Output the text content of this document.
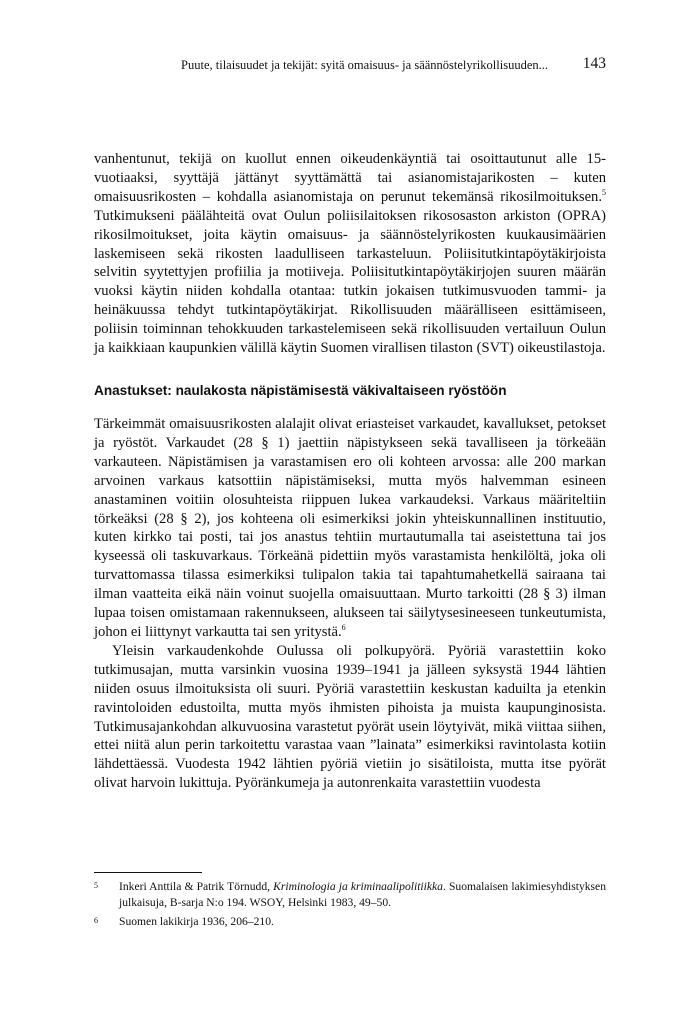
Puute, tilaisuudet ja tekijät: syitä omaisuus- ja säännöstelyrikollisuuden... 143

vanhentunut, tekijä on kuollut ennen oikeudenkäyntiä tai osoittautunut alle 15-vuotiaaksi, syyttäjä jättänyt syyttämättä tai asianomistajarikosten – kuten omaisuusrikosten – kohdalla asianomistaja on perunut tekemänsä rikosilmoituksen.$^5$ Tutkimukseni päälähteitä ovat Oulun poliisilaitoksen rikososaston arkiston (OPRA) rikosilmoitukset, joita käytin omaisuus- ja säännöstelyrikosten kuukausimäärien laskemiseen sekä rikosten laadulliseen tarkasteluun. Poliisitutkintapöytäkirjoista selvitin syytettyjen profiilia ja motiiveja. Poliisitutkintapöytäkirjojen suuren määrän vuoksi käytin niiden kohdalla otantaa: tutkin jokaisen tutkimusvuoden tammi- ja heinäkuussa tehdyt tutkintapöytäkirjat. Rikollisuuden määrälliseen esittämiseen, poliisin toiminnan tehokkuuden tarkastelemiseen sekä rikollisuuden vertailuun Oulun ja kaikkiaan kaupunkien välillä käytin Suomen virallisen tilaston (SVT) oikeustilastoja.

Anastukset: naulakosta näpistämisestä väkivaltaiseen ryöstöön

Tärkeimmät omaisuusrikosten alalajit olivat eriasteiset varkaudet, kavallukset, petokset ja ryöstöt. Varkaudet (28 § 1) jaettiin näpistykseen sekä tavalliseen ja törkeään varkauteen. Näpistämisen ja varastamisen ero oli kohteen arvossa: alle 200 markan arvoinen varkaus katsottiin näpistämiseksi, mutta myös halvemman esineen anastaminen voitiin olosuhteista riippuen lukea varkaudeksi. Varkaus määriteltiin törkeäksi (28 § 2), jos kohteena oli esimerkiksi jokin yhteiskunnallinen instituutio, kuten kirkko tai posti, tai jos anastus tehtiin murtautumalla tai aseistettuna tai jos kyseessä oli taskuvarkaus. Törkeänä pidettiin myös varastamista henkilöltä, joka oli turvattomassa tilassa esimerkiksi tulipalon takia tai tapahtumahetkellä sairaana tai ilman vaatteita eikä näin voinut suojella omaisuuttaan. Murto tarkoitti (28 § 3) ilman lupaa toisen omistamaan rakennukseen, alukseen tai säilytysesineeseen tunkeutumista, johon ei liittynyt varkautta tai sen yritystä.$^6$

Yleisin varkaudenkohde Oulussa oli polkupyörä. Pyöriä varastettiin koko tutkimusajan, mutta varsinkin vuosina 1939–1941 ja jälleen syksystä 1944 lähtien niiden osuus ilmoituksista oli suuri. Pyöriä varastettiin keskustan kaduilta ja etenkin ravintoloiden edustoilta, mutta myös ihmisten pihoista ja muista kaupunginosista. Tutkimusajankohdan alkuvuosina varastetut pyörät usein löytyivät, mikä viittaa siihen, ettei niitä alun perin tarkoitettu varastaa vaan ”lainata” esimerkiksi ravintolasta kotiin lähdettäessä. Vuodesta 1942 lähtien pyöriä vietiin jo sisätiloista, mutta itse pyörät olivat harvoin lukittuja. Pyöränkumeja ja autonrenkaita varastettiin vuodesta

5 Inkeri Anttila & Patrik Törnudd, Kriminologia ja kriminaalipolitiikka. Suomalaisen lakimiesyhdistyksen julkaisuja, B-sarja N:o 194. WSOY, Helsinki 1983, 49–50.

6 Suomen lakikirja 1936, 206–210.
